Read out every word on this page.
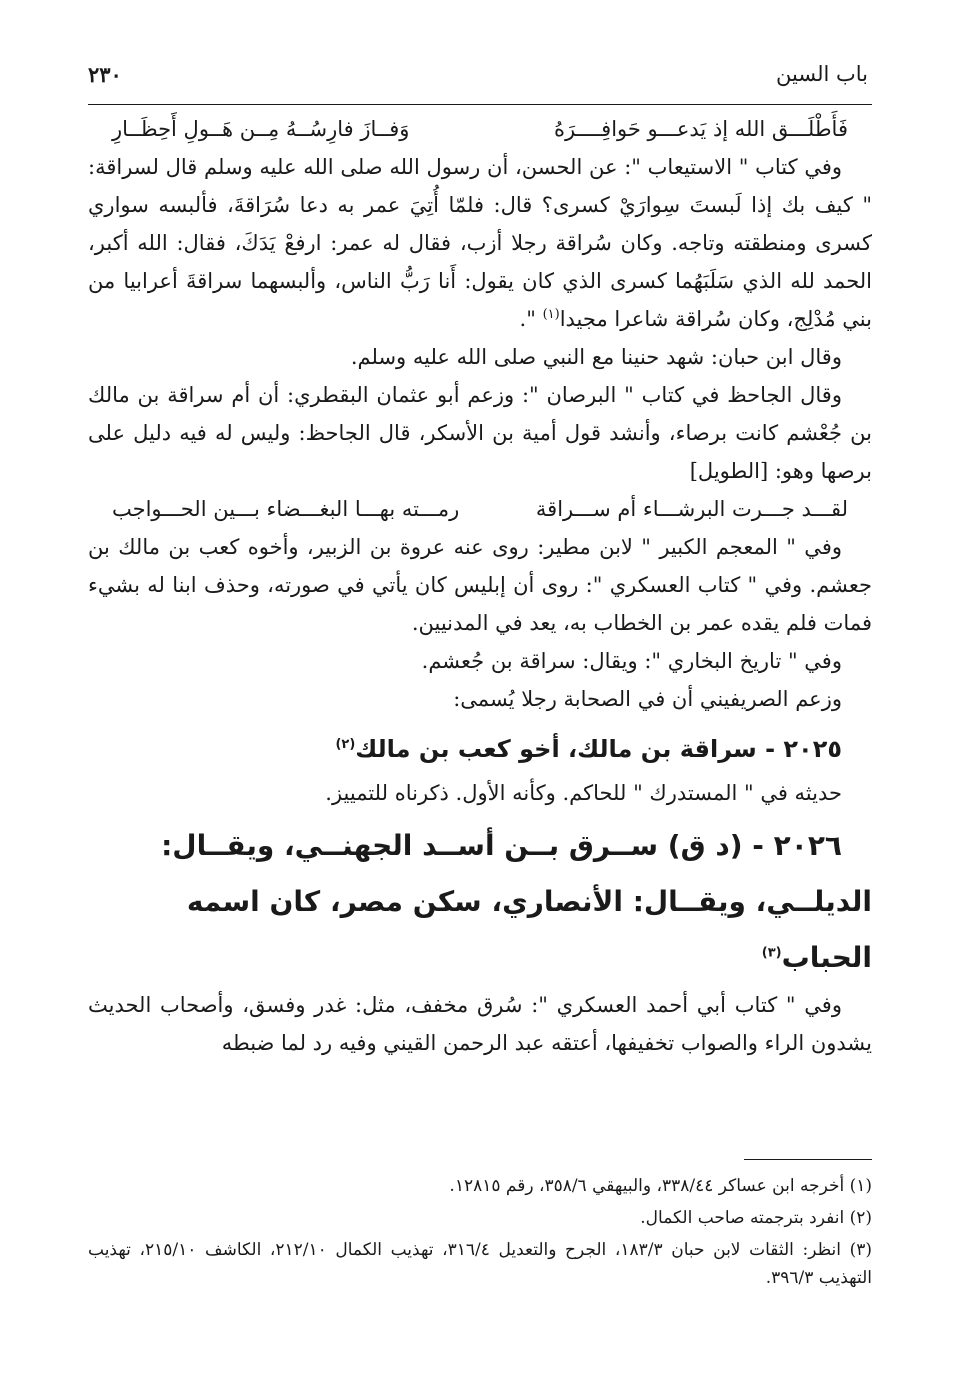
باب السين
٢٣٠
فَأَطْلَـــق الله إذ يَدعـــو حَوافِــــرَهُ
وَفــازَ فارِسُــهُ مِــن هَــولِ أَحِظَــارِ

وفي كتاب " الاستيعاب ": عن الحسن، أن رسول الله صلى الله عليه وسلم قال لسراقة: " كيف بك إذا لَبستَ سِوارَيْ كسرى؟ قال: فلمّا أُتِيَ عمر به دعا سُرَاقةَ، فألبسه سواري كسرى ومنطقته وتاجه. وكان سُراقة رجلا أزب، فقال له عمر: ارفعْ يَدَكَ، فقال: الله أكبر، الحمد لله الذي سَلَبَهُما كسرى الذي كان يقول: أَنا رَبُّ الناس، وألبسهما سراقةَ أعرابيا من بني مُدْلِج، وكان سُراقة شاعرا مجيدا$^{(١)}$ ".

وقال ابن حبان: شهد حنينا مع النبي صلى الله عليه وسلم.

وقال الجاحظ في كتاب " البرصان ": وزعم أبو عثمان البقطري: أن أم سراقة بن مالك بن جُعْشم كانت برصاء، وأنشد قول أمية بن الأسكر، قال الجاحظ: وليس له فيه دليل على برصها وهو: [الطويل]

لقـــد جـــرت البرشـــاء أم ســـراقة
رمـــته بهـــا البغـــضاء بـــين الحـــواجب

وفي " المعجم الكبير " لابن مطير: روى عنه عروة بن الزبير، وأخوه كعب بن مالك بن جعشم. وفي " كتاب العسكري ": روى أن إبليس كان يأتي في صورته، وحذف ابنا له بشيء فمات فلم يقده عمر بن الخطاب به، يعد في المدنيين.

وفي " تاريخ البخاري ": ويقال: سراقة بن جُعشم.

وزعم الصريفيني أن في الصحابة رجلا يُسمى:

٢٠٢٥ - سراقة بن مالك، أخو كعب بن مالك$^{(٢)}$

حديثه في " المستدرك " للحاكم. وكأنه الأول. ذكرناه للتمييز.

٢٠٢٦ - (د ق) ســرق بــن أســد الجهنــي، ويقــال: الديلــي، ويقــال: الأنصاري، سكن مصر، كان اسمه الحباب$^{(٣)}$

وفي " كتاب أبي أحمد العسكري ": سُرق مخفف، مثل: غدر وفسق، وأصحاب الحديث يشدون الراء والصواب تخفيفها، أعتقه عبد الرحمن القيني وفيه رد لما ضبطه

(١) أخرجه ابن عساكر ٣٣٨/٤٤، والبيهقي ٣٥٨/٦، رقم ١٢٨١٥.

(٢) انفرد بترجمته صاحب الكمال.

(٣) انظر: الثقات لابن حبان ١٨٣/٣، الجرح والتعديل ٣١٦/٤، تهذيب الكمال ٢١٢/١٠، الكاشف ٢١٥/١٠، تهذيب التهذيب ٣٩٦/٣.
